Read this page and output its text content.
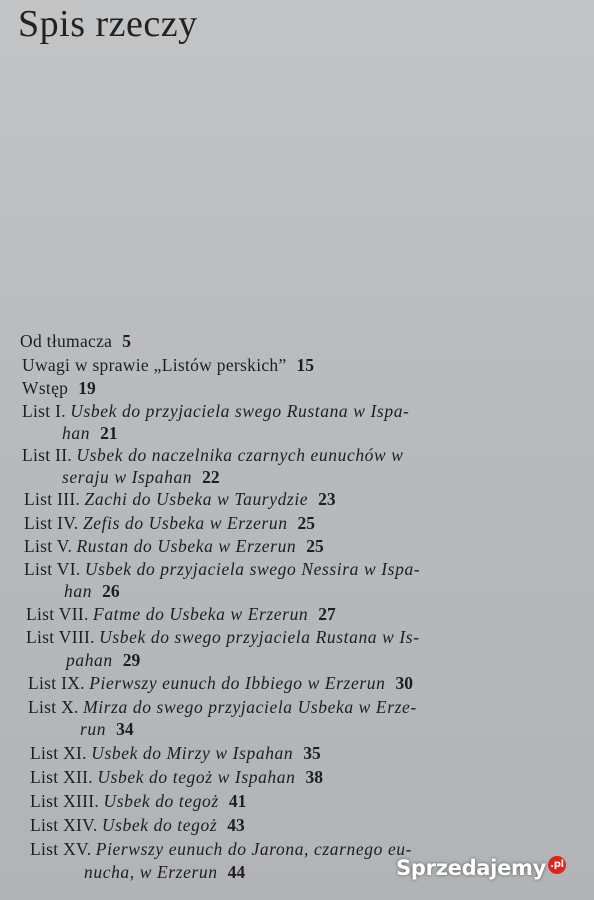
Spis rzeczy
Od tłumacza 5
Uwagi w sprawie „Listów perskich” 15
Wstęp 19
List I. Usbek do przyjaciela swego Rustana w Ispa-
han 21
List II. Usbek do naczelnika czarnych eunuchów w
seraju w Ispahan 22
List III. Zachi do Usbeka w Taurydzie 23
List IV. Zefis do Usbeka w Erzerun 25
List V. Rustan do Usbeka w Erzerun 25
List VI. Usbek do przyjaciela swego Nessira w Ispa-
han 26
List VII. Fatme do Usbeka w Erzerun 27
List VIII. Usbek do swego przyjaciela Rustana w Is-
pahan 29
List IX. Pierwszy eunuch do Ibbiego w Erzerun 30
List X. Mirza do swego przyjaciela Usbeka w Erze-
run 34
List XI. Usbek do Mirzy w Ispahan 35
List XII. Usbek do tegoż w Ispahan 38
List XIII. Usbek do tegoż 41
List XIV. Usbek do tegoż 43
List XV. Pierwszy eunuch do Jarona, czarnego eu-
nucha, w Erzerun 44	Sprzedajemy .pl
